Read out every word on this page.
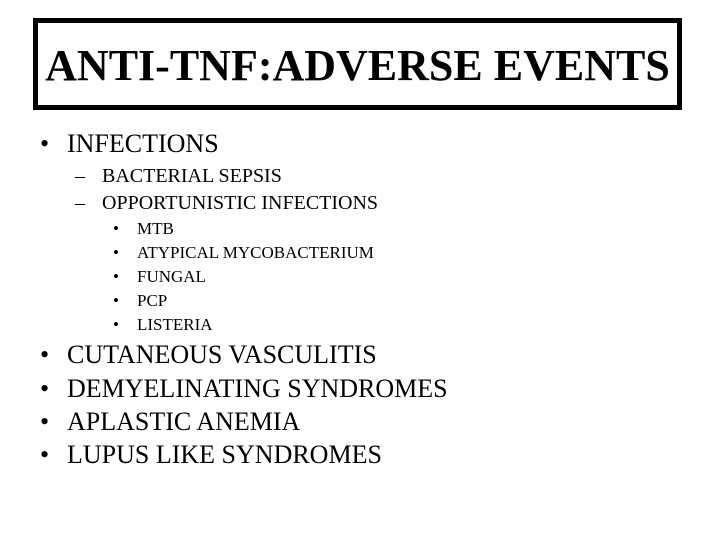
ANTI-TNF:ADVERSE EVENTS
• INFECTIONS
– BACTERIAL SEPSIS
– OPPORTUNISTIC INFECTIONS
• MTB
• ATYPICAL MYCOBACTERIUM
• FUNGAL
• PCP
• LISTERIA
• CUTANEOUS VASCULITIS
• DEMYELINATING SYNDROMES
• APLASTIC ANEMIA
• LUPUS LIKE SYNDROMES
